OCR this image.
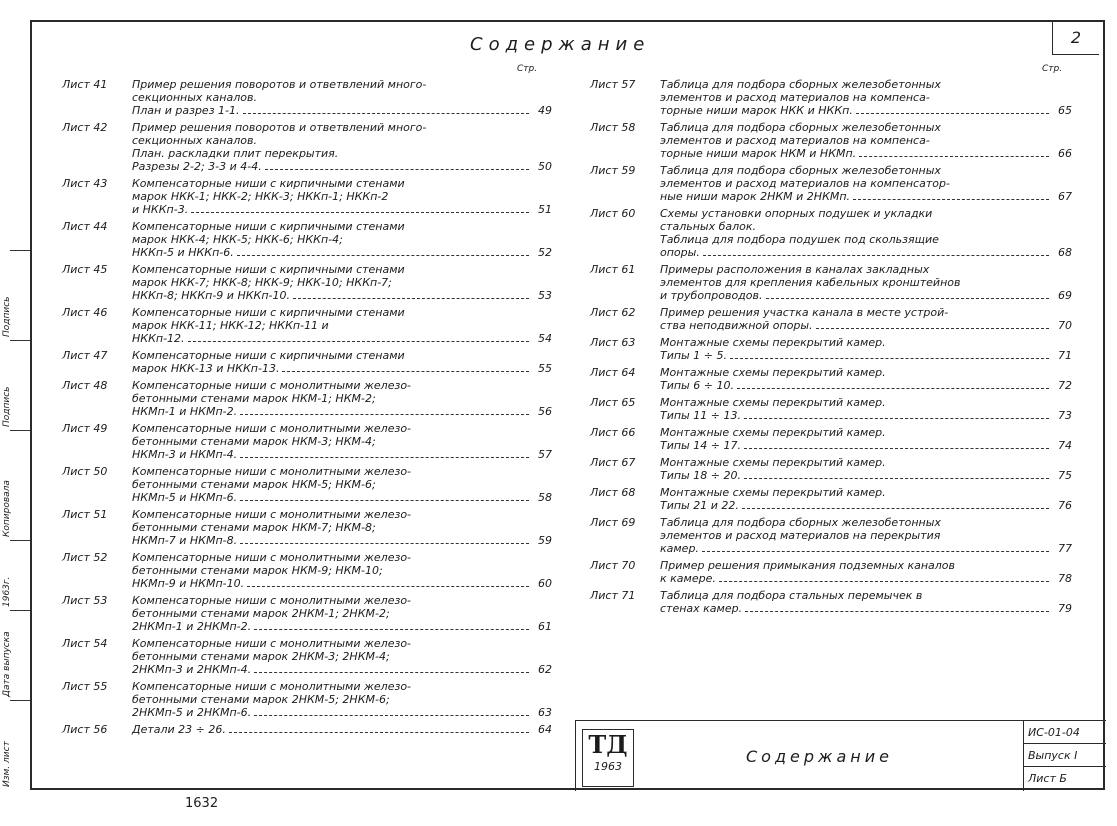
2
Содержание
Подпись
Подпись
Копировала
1963г.
Дата выпуска
Изм. лист
Стр.
Лист 41	Пример решения поворотов и ответвлений много-
секционных каналов.
План и разрез 1-1.	49
Лист 42	Пример решения поворотов и ответвлений много-
секционных каналов.
План. раскладки плит перекрытия.
Разрезы 2-2; 3-3 и 4-4.	50
Лист 43	Компенсаторные ниши с кирпичными стенами
марок НКК-1; НКК-2; НКК-3; НККп-1; НККп-2
и НККп-3.	51
Лист 44	Компенсаторные ниши с кирпичными стенами
марок НКК-4; НКК-5; НКК-6; НККп-4;
НККп-5 и НККп-6.	52
Лист 45	Компенсаторные ниши с кирпичными стенами
марок НКК-7; НКК-8; НКК-9; НКК-10; НККп-7;
НККп-8; НККп-9 и НККп-10.	53
Лист 46	Компенсаторные ниши с кирпичными стенами
марок НКК-11; НКК-12; НККп-11 и
НККп-12.	54
Лист 47	Компенсаторные ниши с кирпичными стенами
марок НКК-13 и НККп-13.	55
Лист 48	Компенсаторные ниши с монолитными железо-
бетонными стенами марок НКМ-1; НКМ-2;
НКМп-1 и НКМп-2.	56
Лист 49	Компенсаторные ниши с монолитными железо-
бетонными стенами марок НКМ-3; НКМ-4;
НКМп-3 и НКМп-4.	57
Лист 50	Компенсаторные ниши с монолитными железо-
бетонными стенами марок НКМ-5; НКМ-6;
НКМп-5 и НКМп-6.	58
Лист 51	Компенсаторные ниши с монолитными железо-
бетонными стенами марок НКМ-7; НКМ-8;
НКМп-7 и НКМп-8.	59
Лист 52	Компенсаторные ниши с монолитными железо-
бетонными стенами марок НКМ-9; НКМ-10;
НКМп-9 и НКМп-10.	60
Лист 53	Компенсаторные ниши с монолитными железо-
бетонными стенами марок 2НКМ-1; 2НКМ-2;
2НКМп-1 и 2НКМп-2.	61
Лист 54	Компенсаторные ниши с монолитными железо-
бетонными стенами марок 2НКМ-3; 2НКМ-4;
2НКМп-3 и 2НКМп-4.	62
Лист 55	Компенсаторные ниши с монолитными железо-
бетонными стенами марок 2НКМ-5; 2НКМ-6;
2НКМп-5 и 2НКМп-6.	63
Лист 56	Детали 23 ÷ 26.	64
Стр.
Лист 57	Таблица для подбора сборных железобетонных
элементов и расход материалов на компенса-
торные ниши марок НКК и НККп.	65
Лист 58	Таблица для подбора сборных железобетонных
элементов и расход материалов на компенса-
торные ниши марок НКМ и НКМп.	66
Лист 59	Таблица для подбора сборных железобетонных
элементов и расход материалов на компенсатор-
ные ниши марок 2НКМ и 2НКМп.	67
Лист 60	Схемы установки опорных подушек и укладки
стальных балок.
Таблица для подбора подушек под скользящие
опоры.	68
Лист 61	Примеры расположения в каналах закладных
элементов для крепления кабельных кронштейнов
и трубопроводов.	69
Лист 62	Пример решения участка канала в месте устрой-
ства неподвижной опоры.	70
Лист 63	Монтажные схемы перекрытий камер.
Типы 1 ÷ 5.	71
Лист 64	Монтажные схемы перекрытий камер.
Типы 6 ÷ 10.	72
Лист 65	Монтажные схемы перекрытий камер.
Типы 11 ÷ 13.	73
Лист 66	Монтажные схемы перекрытий камер.
Типы 14 ÷ 17.	74
Лист 67	Монтажные схемы перекрытий камер.
Типы 18 ÷ 20.	75
Лист 68	Монтажные схемы перекрытий камер.
Типы 21 и 22.	76
Лист 69	Таблица для подбора сборных железобетонных
элементов и расход материалов на перекрытия
камер.	77
Лист 70	Пример решения примыкания подземных каналов
к камере.	78
Лист 71	Таблица для подбора стальных перемычек в
стенах камер.	79
ТД
1963
Содержание
ИС-01-04
Выпуск I
Лист Б
1632
